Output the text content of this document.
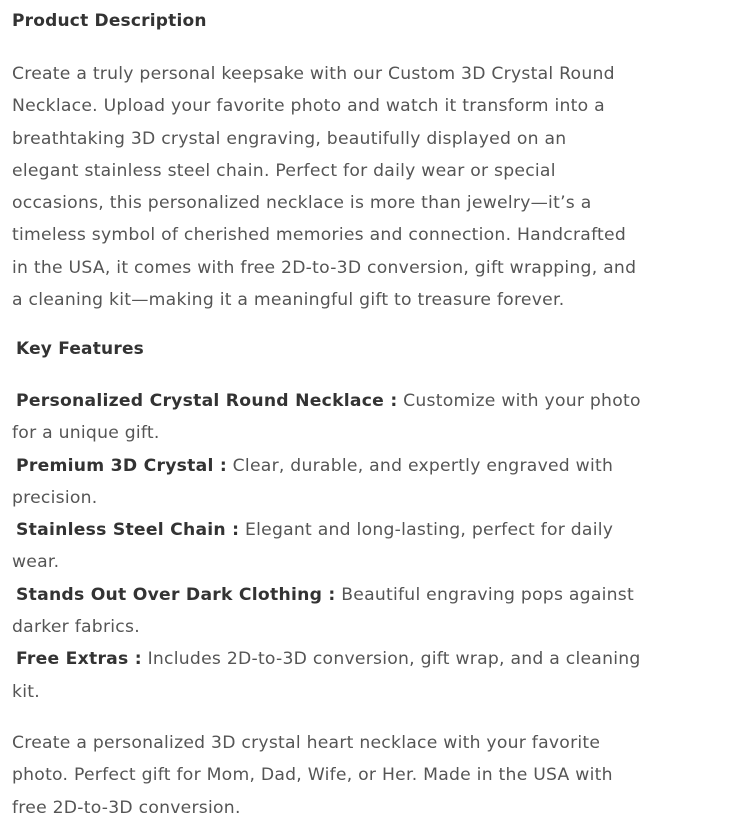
Product Description
Create a truly personal keepsake with our Custom 3D Crystal Round
Necklace. Upload your favorite photo and watch it transform into a
breathtaking 3D crystal engraving, beautifully displayed on an
elegant stainless steel chain. Perfect for daily wear or special
occasions, this personalized necklace is more than jewelry—it’s a
timeless symbol of cherished memories and connection. Handcrafted
in the USA, it comes with free 2D-to-3D conversion, gift wrapping, and
a cleaning kit—making it a meaningful gift to treasure forever.
Key Features
Personalized Crystal Round Necklace : Customize with your photo
for a unique gift.
Premium 3D Crystal : Clear, durable, and expertly engraved with
precision.
Stainless Steel Chain : Elegant and long-lasting, perfect for daily
wear.
Stands Out Over Dark Clothing : Beautiful engraving pops against
darker fabrics.
Free Extras : Includes 2D-to-3D conversion, gift wrap, and a cleaning
kit.
Create a personalized 3D crystal heart necklace with your favorite
photo. Perfect gift for Mom, Dad, Wife, or Her. Made in the USA with
free 2D-to-3D conversion.
